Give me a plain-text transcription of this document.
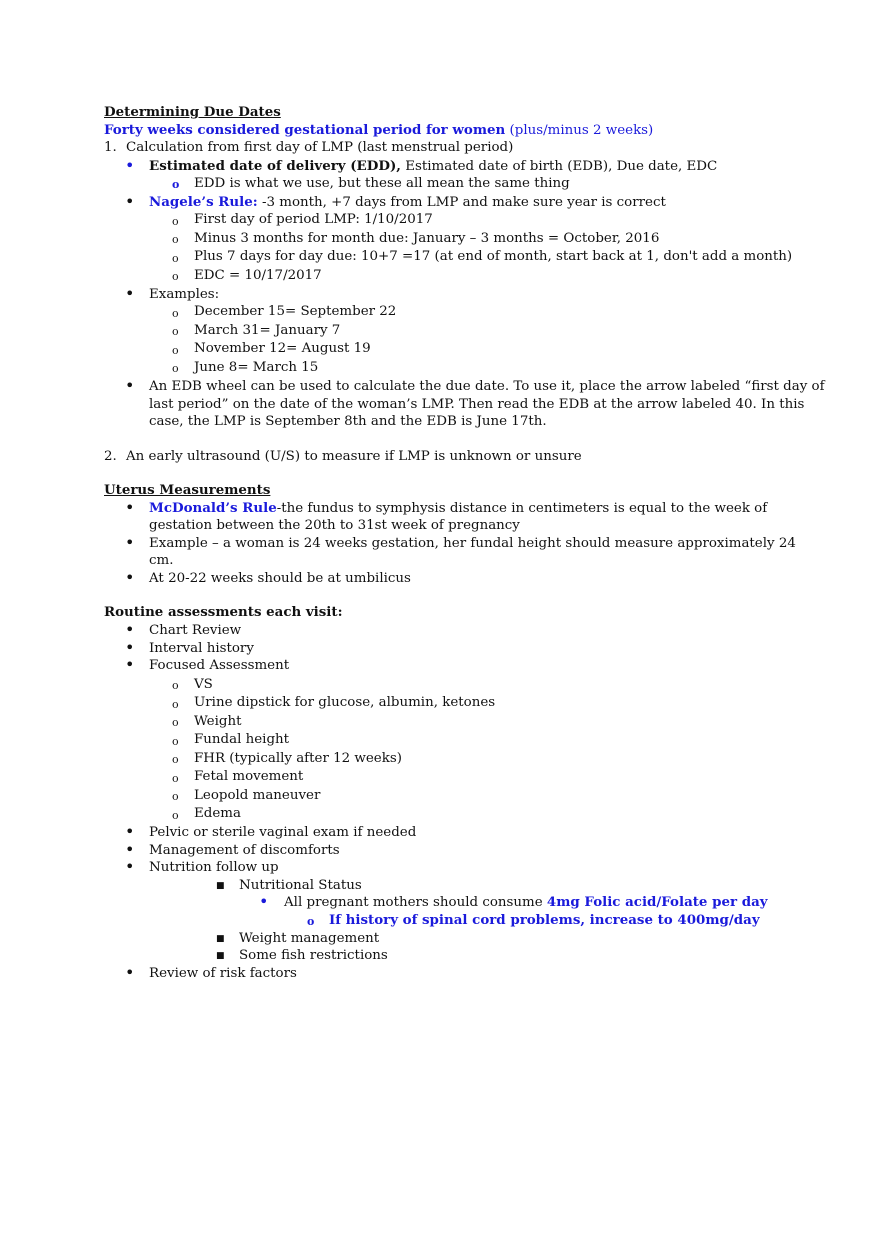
Determining Due Dates
Forty weeks considered gestational period for women (plus/minus 2 weeks)
1. Calculation from first day of LMP (last menstrual period)
• Estimated date of delivery (EDD), Estimated date of birth (EDB), Due date, EDC
o EDD is what we use, but these all mean the same thing
• Nagele’s Rule: -3 month, +7 days from LMP and make sure year is correct
o First day of period LMP: 1/10/2017
o Minus 3 months for month due: January – 3 months = October, 2016
o Plus 7 days for day due: 10+7 =17 (at end of month, start back at 1, don't add a month)
o EDC = 10/17/2017
• Examples:
o December 15= September 22
o March 31= January 7
o November 12= August 19
o June 8= March 15
• An EDB wheel can be used to calculate the due date. To use it, place the arrow labeled “first day of
last period” on the date of the woman’s LMP. Then read the EDB at the arrow labeled 40. In this
case, the LMP is September 8th and the EDB is June 17th.
2. An early ultrasound (U/S) to measure if LMP is unknown or unsure
Uterus Measurements
• McDonald’s Rule-the fundus to symphysis distance in centimeters is equal to the week of
gestation between the 20th to 31st week of pregnancy
• Example – a woman is 24 weeks gestation, her fundal height should measure approximately 24
cm.
• At 20-22 weeks should be at umbilicus
Routine assessments each visit:
• Chart Review
• Interval history
• Focused Assessment
o VS
o Urine dipstick for glucose, albumin, ketones
o Weight
o Fundal height
o FHR (typically after 12 weeks)
o Fetal movement
o Leopold maneuver
o Edema
• Pelvic or sterile vaginal exam if needed
• Management of discomforts
• Nutrition follow up
■ Nutritional Status
• All pregnant mothers should consume 4mg Folic acid/Folate per day
o If history of spinal cord problems, increase to 400mg/day
■ Weight management
■ Some fish restrictions
• Review of risk factors
